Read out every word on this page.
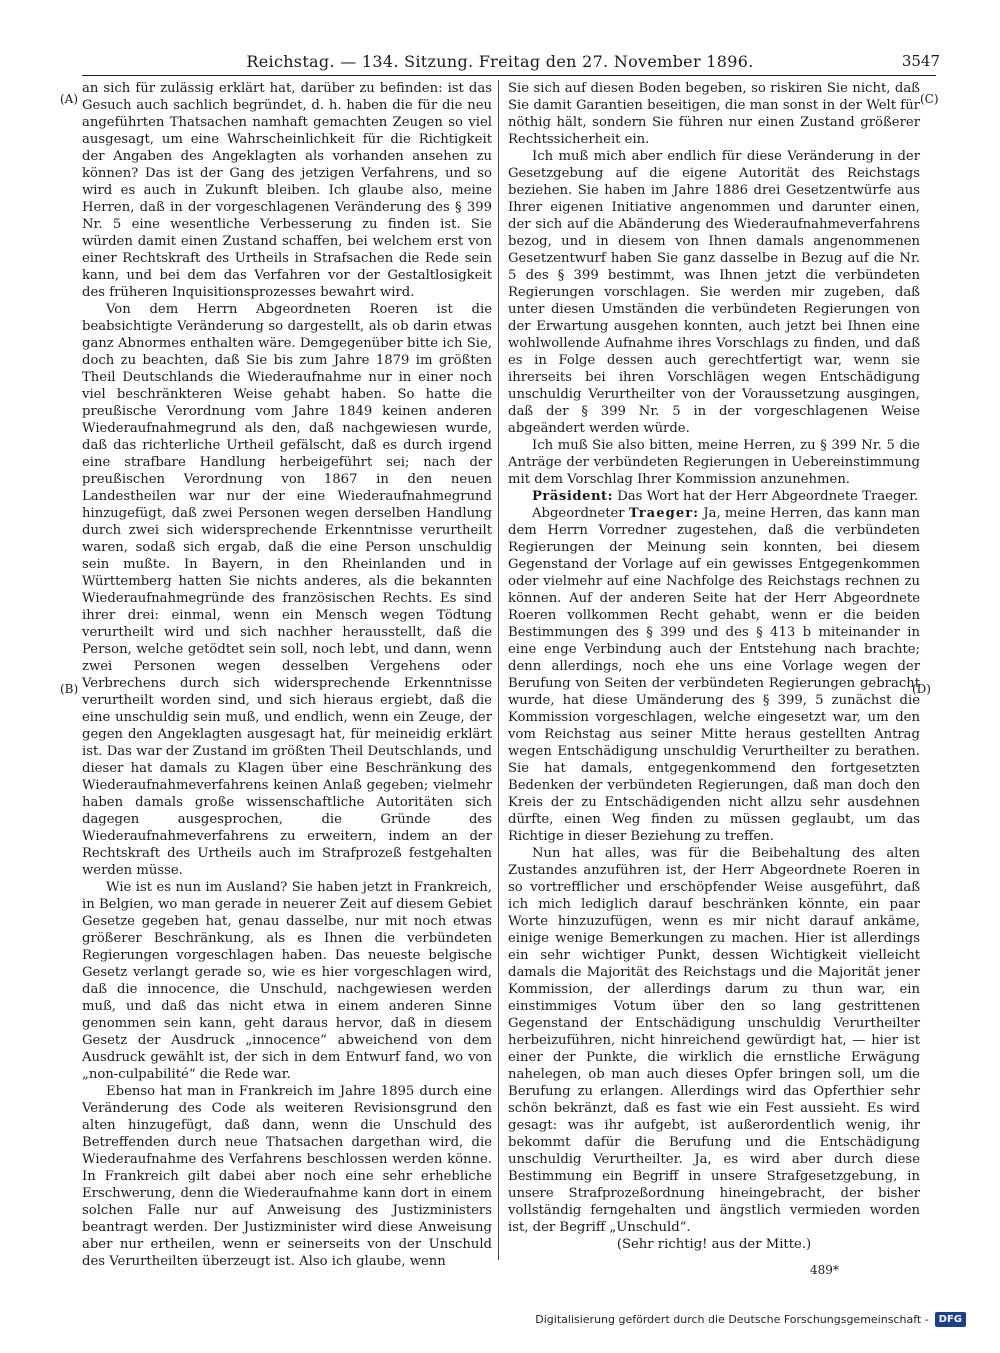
Reichstag. — 134. Sitzung. Freitag den 27. November 1896.	3547
(A)
(B)
(C)
(D)

an sich für zulässig erklärt hat, darüber zu befinden: ist das Gesuch auch sachlich begründet, d. h. haben die für die neu angeführten Thatsachen namhaft gemachten Zeugen so viel ausgesagt, um eine Wahrscheinlichkeit für die Richtigkeit der Angaben des Angeklagten als vorhanden ansehen zu können? Das ist der Gang des jetzigen Verfahrens, und so wird es auch in Zukunft bleiben. Ich glaube also, meine Herren, daß in der vorgeschlagenen Veränderung des § 399 Nr. 5 eine wesentliche Verbesserung zu finden ist. Sie würden damit einen Zustand schaffen, bei welchem erst von einer Rechtskraft des Urtheils in Strafsachen die Rede sein kann, und bei dem das Verfahren vor der Gestaltlosigkeit des früheren Inquisitionsprozesses bewahrt wird.

Von dem Herrn Abgeordneten Roeren ist die beabsichtigte Veränderung so dargestellt, als ob darin etwas ganz Abnormes enthalten wäre. Demgegenüber bitte ich Sie, doch zu beachten, daß Sie bis zum Jahre 1879 im größten Theil Deutschlands die Wiederaufnahme nur in einer noch viel beschränkteren Weise gehabt haben. So hatte die preußische Verordnung vom Jahre 1849 keinen anderen Wiederaufnahmegrund als den, daß nachgewiesen wurde, daß das richterliche Urtheil gefälscht, daß es durch irgend eine strafbare Handlung herbeigeführt sei; nach der preußischen Verordnung von 1867 in den neuen Landestheilen war nur der eine Wiederaufnahmegrund hinzugefügt, daß zwei Personen wegen derselben Handlung durch zwei sich widersprechende Erkenntnisse verurtheilt waren, sodaß sich ergab, daß die eine Person unschuldig sein mußte. In Bayern, in den Rheinlanden und in Württemberg hatten Sie nichts anderes, als die bekannten Wiederaufnahmegründe des französischen Rechts. Es sind ihrer drei: einmal, wenn ein Mensch wegen Tödtung verurtheilt wird und sich nachher herausstellt, daß die Person, welche getödtet sein soll, noch lebt, und dann, wenn zwei Personen wegen desselben Vergehens oder Verbrechens durch sich widersprechende Erkenntnisse verurtheilt worden sind, und sich hieraus ergiebt, daß die eine unschuldig sein muß, und endlich, wenn ein Zeuge, der gegen den Angeklagten ausgesagt hat, für meineidig erklärt ist. Das war der Zustand im größten Theil Deutschlands, und dieser hat damals zu Klagen über eine Beschränkung des Wiederaufnahmeverfahrens keinen Anlaß gegeben; vielmehr haben damals große wissenschaftliche Autoritäten sich dagegen ausgesprochen, die Gründe des Wiederaufnahmeverfahrens zu erweitern, indem an der Rechtskraft des Urtheils auch im Strafprozeß festgehalten werden müsse.

Wie ist es nun im Ausland? Sie haben jetzt in Frankreich, in Belgien, wo man gerade in neuerer Zeit auf diesem Gebiet Gesetze gegeben hat, genau dasselbe, nur mit noch etwas größerer Beschränkung, als es Ihnen die verbündeten Regierungen vorgeschlagen haben. Das neueste belgische Gesetz verlangt gerade so, wie es hier vorgeschlagen wird, daß die innocence, die Unschuld, nachgewiesen werden muß, und daß das nicht etwa in einem anderen Sinne genommen sein kann, geht daraus hervor, daß in diesem Gesetz der Ausdruck „innocence“ abweichend von dem Ausdruck gewählt ist, der sich in dem Entwurf fand, wo von „non-culpabilité“ die Rede war.

Ebenso hat man in Frankreich im Jahre 1895 durch eine Veränderung des Code als weiteren Revisionsgrund den alten hinzugefügt, daß dann, wenn die Unschuld des Betreffenden durch neue Thatsachen dargethan wird, die Wiederaufnahme des Verfahrens beschlossen werden könne. In Frankreich gilt dabei aber noch eine sehr erhebliche Erschwerung, denn die Wiederaufnahme kann dort in einem solchen Falle nur auf Anweisung des Justizministers beantragt werden. Der Justizminister wird diese Anweisung aber nur ertheilen, wenn er seinerseits von der Unschuld des Verurtheilten überzeugt ist. Also ich glaube, wenn

Sie sich auf diesen Boden begeben, so riskiren Sie nicht, daß Sie damit Garantien beseitigen, die man sonst in der Welt für nöthig hält, sondern Sie führen nur einen Zustand größerer Rechtssicherheit ein.

Ich muß mich aber endlich für diese Veränderung in der Gesetzgebung auf die eigene Autorität des Reichstags beziehen. Sie haben im Jahre 1886 drei Gesetzentwürfe aus Ihrer eigenen Initiative angenommen und darunter einen, der sich auf die Abänderung des Wiederaufnahmeverfahrens bezog, und in diesem von Ihnen damals angenommenen Gesetzentwurf haben Sie ganz dasselbe in Bezug auf die Nr. 5 des § 399 bestimmt, was Ihnen jetzt die verbündeten Regierungen vorschlagen. Sie werden mir zugeben, daß unter diesen Umständen die verbündeten Regierungen von der Erwartung ausgehen konnten, auch jetzt bei Ihnen eine wohlwollende Aufnahme ihres Vorschlags zu finden, und daß es in Folge dessen auch gerechtfertigt war, wenn sie ihrerseits bei ihren Vorschlägen wegen Entschädigung unschuldig Verurtheilter von der Voraussetzung ausgingen, daß der § 399 Nr. 5 in der vorgeschlagenen Weise abgeändert werden würde.

Ich muß Sie also bitten, meine Herren, zu § 399 Nr. 5 die Anträge der verbündeten Regierungen in Uebereinstimmung mit dem Vorschlag Ihrer Kommission anzunehmen.

Präsident: Das Wort hat der Herr Abgeordnete Traeger.

Abgeordneter Traeger: Ja, meine Herren, das kann man dem Herrn Vorredner zugestehen, daß die verbündeten Regierungen der Meinung sein konnten, bei diesem Gegenstand der Vorlage auf ein gewisses Entgegenkommen oder vielmehr auf eine Nachfolge des Reichstags rechnen zu können. Auf der anderen Seite hat der Herr Abgeordnete Roeren vollkommen Recht gehabt, wenn er die beiden Bestimmungen des § 399 und des § 413 b miteinander in eine enge Verbindung auch der Entstehung nach brachte; denn allerdings, noch ehe uns eine Vorlage wegen der Berufung von Seiten der verbündeten Regierungen gebracht wurde, hat diese Umänderung des § 399, 5 zunächst die Kommission vorgeschlagen, welche eingesetzt war, um den vom Reichstag aus seiner Mitte heraus gestellten Antrag wegen Entschädigung unschuldig Verurtheilter zu berathen. Sie hat damals, entgegenkommend den fortgesetzten Bedenken der verbündeten Regierungen, daß man doch den Kreis der zu Entschädigenden nicht allzu sehr ausdehnen dürfte, einen Weg finden zu müssen geglaubt, um das Richtige in dieser Beziehung zu treffen.

Nun hat alles, was für die Beibehaltung des alten Zustandes anzuführen ist, der Herr Abgeordnete Roeren in so vortrefflicher und erschöpfender Weise ausgeführt, daß ich mich lediglich darauf beschränken könnte, ein paar Worte hinzuzufügen, wenn es mir nicht darauf ankäme, einige wenige Bemerkungen zu machen. Hier ist allerdings ein sehr wichtiger Punkt, dessen Wichtigkeit vielleicht damals die Majorität des Reichstags und die Majorität jener Kommission, der allerdings darum zu thun war, ein einstimmiges Votum über den so lang gestrittenen Gegenstand der Entschädigung unschuldig Verurtheilter herbeizuführen, nicht hinreichend gewürdigt hat, — hier ist einer der Punkte, die wirklich die ernstliche Erwägung nahelegen, ob man auch dieses Opfer bringen soll, um die Berufung zu erlangen. Allerdings wird das Opferthier sehr schön bekränzt, daß es fast wie ein Fest aussieht. Es wird gesagt: was ihr aufgebt, ist außerordentlich wenig, ihr bekommt dafür die Berufung und die Entschädigung unschuldig Verurtheilter. Ja, es wird aber durch diese Bestimmung ein Begriff in unsere Strafgesetzgebung, in unsere Strafprozeßordnung hineingebracht, der bisher vollständig ferngehalten und ängstlich vermieden worden ist, der Begriff „Unschuld“.

(Sehr richtig! aus der Mitte.)

489*
Digitalisierung gefördert durch die Deutsche Forschungsgemeinschaft -	DFG
